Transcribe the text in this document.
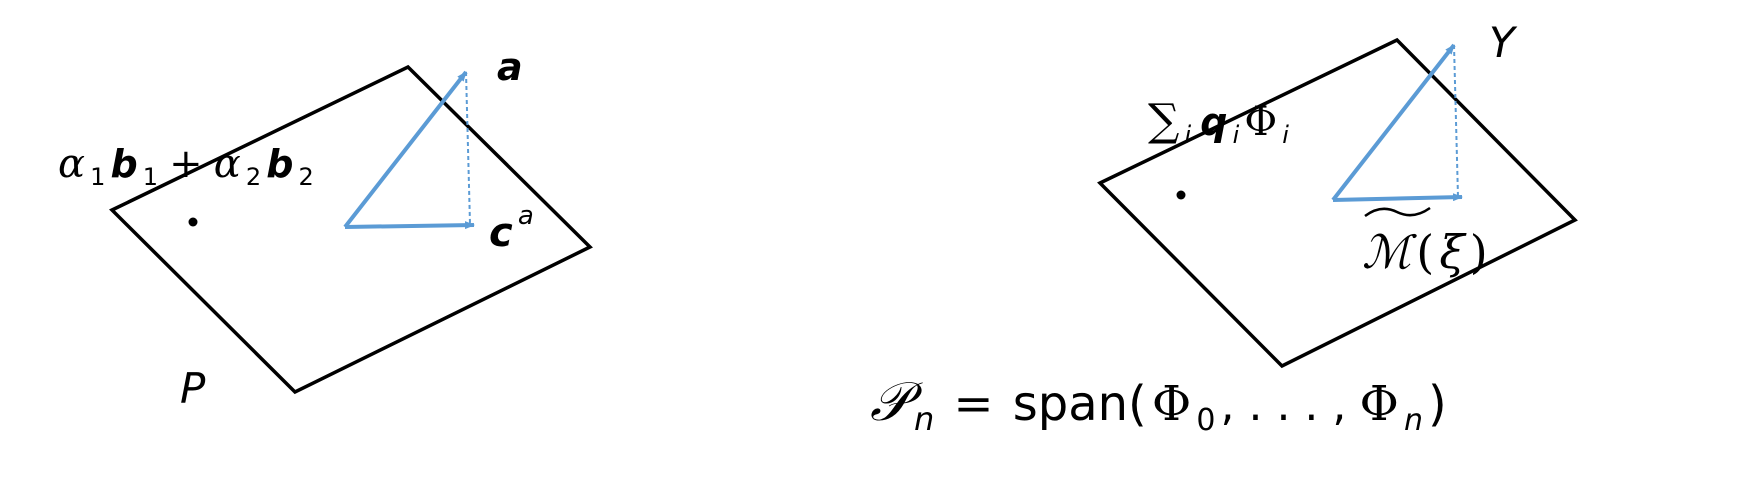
a
c a
α 1 b 1 + α 2 b 2
P
Y
∑ i q i Φ i
ℳ ( ξ )
𝒫 n = span( Φ 0 , . . . , Φ n )
